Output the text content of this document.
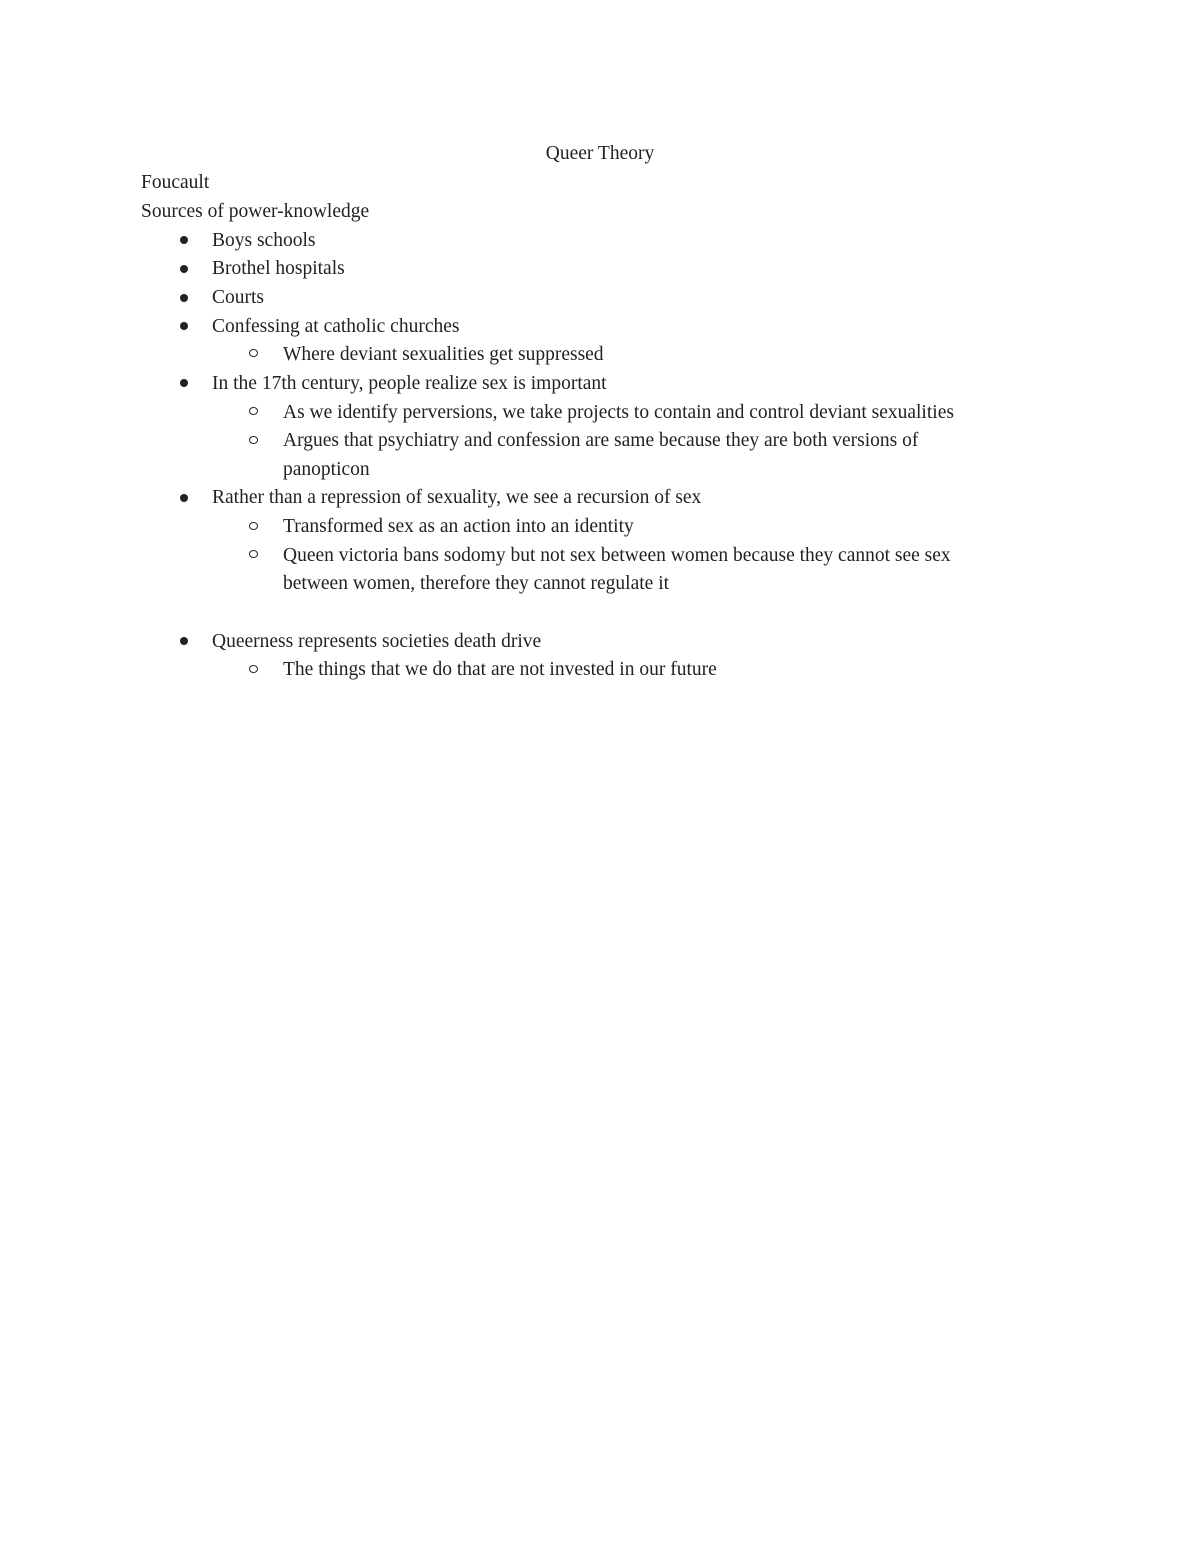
Queer Theory
Foucault
Sources of power-knowledge
Boys schools
Brothel hospitals
Courts
Confessing at catholic churches
Where deviant sexualities get suppressed
In the 17th century, people realize sex is important
As we identify perversions, we take projects to contain and control deviant sexualities
Argues that psychiatry and confession are same because they are both versions of
panopticon
Rather than a repression of sexuality, we see a recursion of sex
Transformed sex as an action into an identity
Queen victoria bans sodomy but not sex between women because they cannot see sex
between women, therefore they cannot regulate it
Queerness represents societies death drive
The things that we do that are not invested in our future
